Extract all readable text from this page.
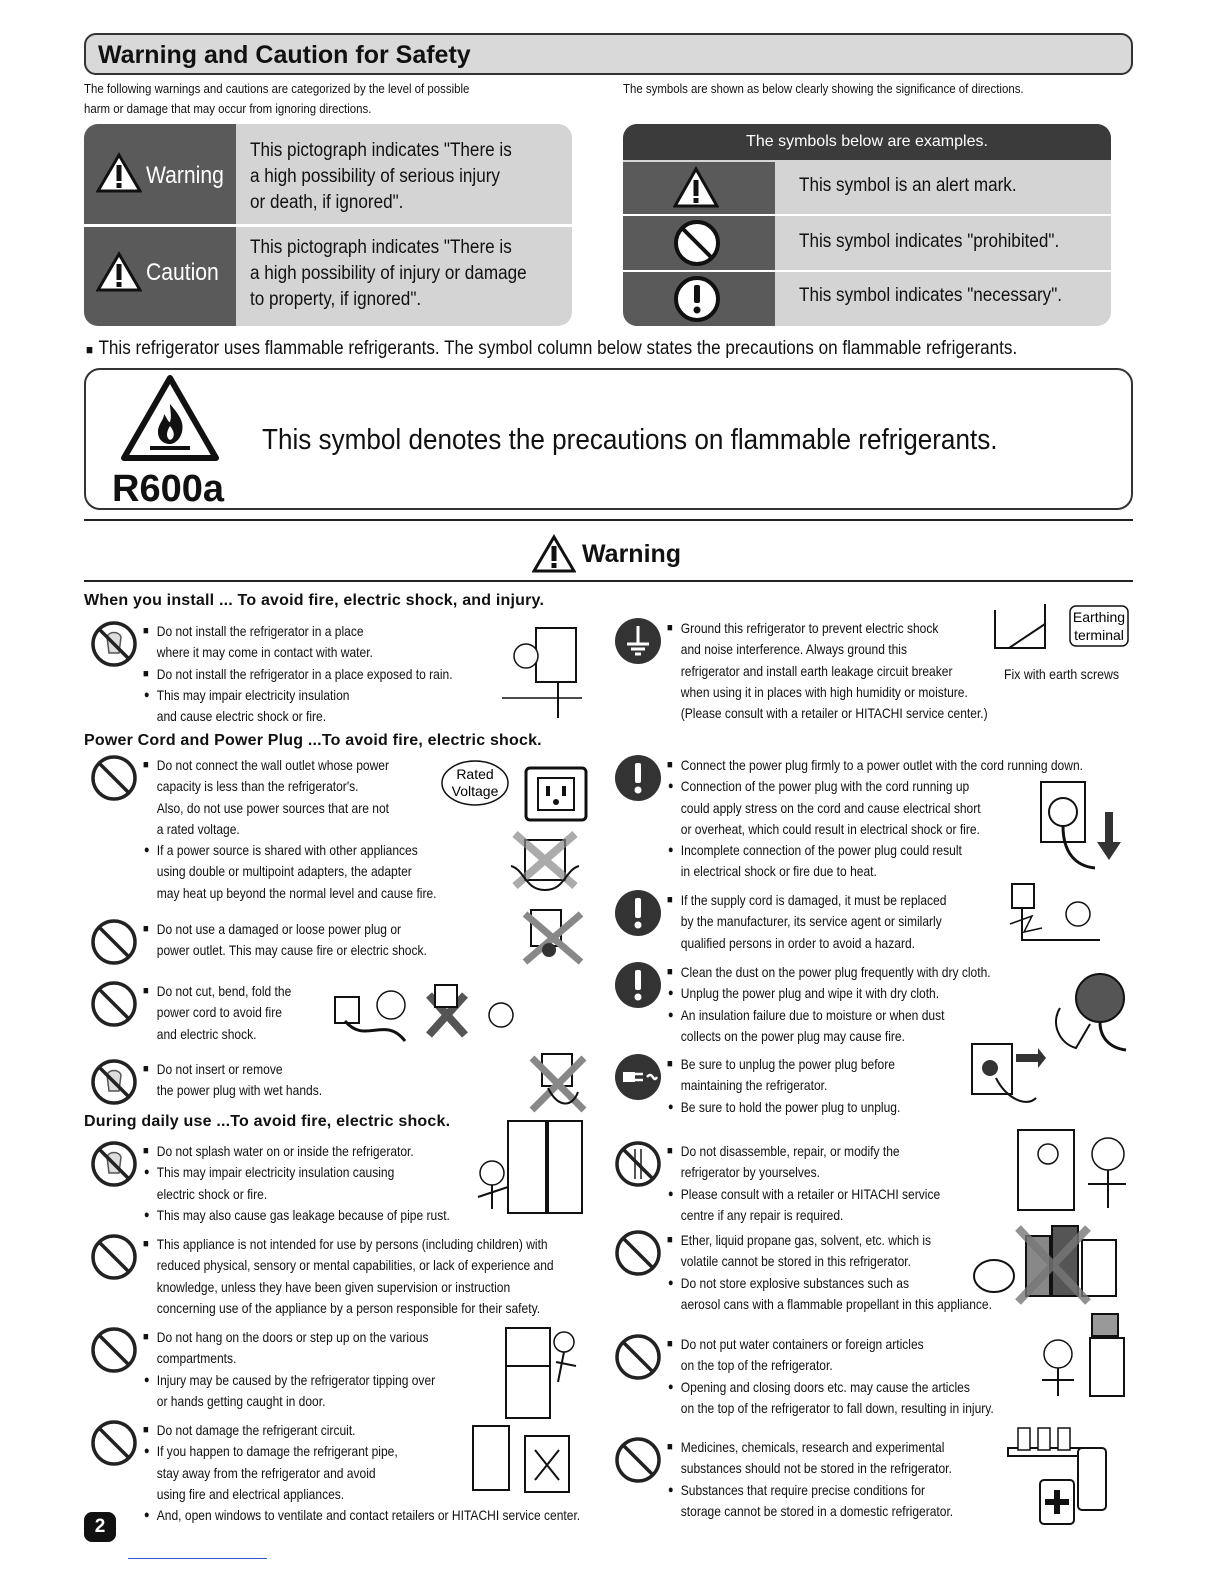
Warning and Caution for Safety
The following warnings and cautions are categorized by the level of possible
harm or damage that may occur from ignoring directions.
The symbols are shown as below clearly showing the significance of directions.
Warning
This pictograph indicates "There is
a high possibility of serious injury
or death, if ignored".
Caution
This pictograph indicates "There is
a high possibility of injury or damage
to property, if ignored".
The symbols below are examples.
This symbol is an alert mark.
This symbol indicates "prohibited".
This symbol indicates "necessary".
■ This refrigerator uses flammable refrigerants. The symbol column below states the precautions on flammable refrigerants.
R600a
This symbol denotes the precautions on flammable refrigerants.
Warning
When you install ... To avoid fire, electric shock, and injury.
Power Cord and Power Plug ...To avoid fire, electric shock.
During daily use ...To avoid fire, electric shock.

■ Do not install the refrigerator in a place

where it may come in contact with water.

■ Do not install the refrigerator in a place exposed to rain.

● This may impair electricity insulation

and cause electric shock or fire.

■ Do not connect the wall outlet whose power

capacity is less than the refrigerator's.

Also, do not use power sources that are not

a rated voltage.

● If a power source is shared with other appliances

using double or multipoint adapters, the adapter

may heat up beyond the normal level and cause fire.

■ Do not use a damaged or loose power plug or

power outlet. This may cause fire or electric shock.

■ Do not cut, bend, fold the

power cord to avoid fire

and electric shock.

■ Do not insert or remove

the power plug with wet hands.

■ Do not splash water on or inside the refrigerator.

● This may impair electricity insulation causing

electric shock or fire.

● This may also cause gas leakage because of pipe rust.

■ This appliance is not intended for use by persons (including children) with

reduced physical, sensory or mental capabilities, or lack of experience and

knowledge, unless they have been given supervision or instruction

concerning use of the appliance by a person responsible for their safety.

■ Do not hang on the doors or step up on the various

compartments.

● Injury may be caused by the refrigerator tipping over

or hands getting caught in door.

■ Do not damage the refrigerant circuit.

● If you happen to damage the refrigerant pipe,

stay away from the refrigerator and avoid

using fire and electrical appliances.

● And, open windows to ventilate and contact retailers or HITACHI service center.

■ Ground this refrigerator to prevent electric shock

and noise interference. Always ground this

refrigerator and install earth leakage circuit breaker

when using it in places with high humidity or moisture.

(Please consult with a retailer or HITACHI service center.)

■ Connect the power plug firmly to a power outlet with the cord running down.

● Connection of the power plug with the cord running up

could apply stress on the cord and cause electrical short

or overheat, which could result in electrical shock or fire.

● Incomplete connection of the power plug could result

in electrical shock or fire due to heat.

■ If the supply cord is damaged, it must be replaced

by the manufacturer, its service agent or similarly

qualified persons in order to avoid a hazard.

■ Clean the dust on the power plug frequently with dry cloth.

● Unplug the power plug and wipe it with dry cloth.

● An insulation failure due to moisture or when dust

collects on the power plug may cause fire.

■ Be sure to unplug the power plug before

maintaining the refrigerator.

● Be sure to hold the power plug to unplug.

■ Do not disassemble, repair, or modify the

refrigerator by yourselves.

● Please consult with a retailer or HITACHI service

centre if any repair is required.

■ Ether, liquid propane gas, solvent, etc. which is

volatile cannot be stored in this refrigerator.

● Do not store explosive substances such as

aerosol cans with a flammable propellant in this appliance.

■ Do not put water containers or foreign articles

on the top of the refrigerator.

● Opening and closing doors etc. may cause the articles

on the top of the refrigerator to fall down, resulting in injury.

■ Medicines, chemicals, research and experimental

substances should not be stored in the refrigerator.

● Substances that require precise conditions for

storage cannot be stored in a domestic refrigerator.

Rated
Voltage
Earthing
terminal
Fix with earth screws
2
